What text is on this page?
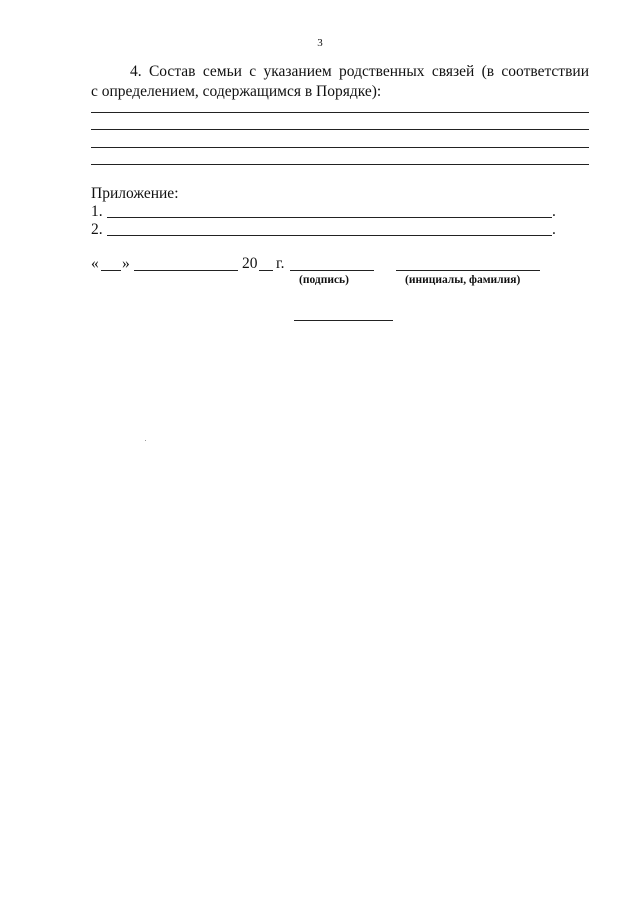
3
4. Состав семьи с указанием родственных связей (в соответствии
с определением, содержащимся в Порядке):
Приложение:
1.	.
2.	.
« »	20 г.
(подпись)	(инициалы, фамилия)
